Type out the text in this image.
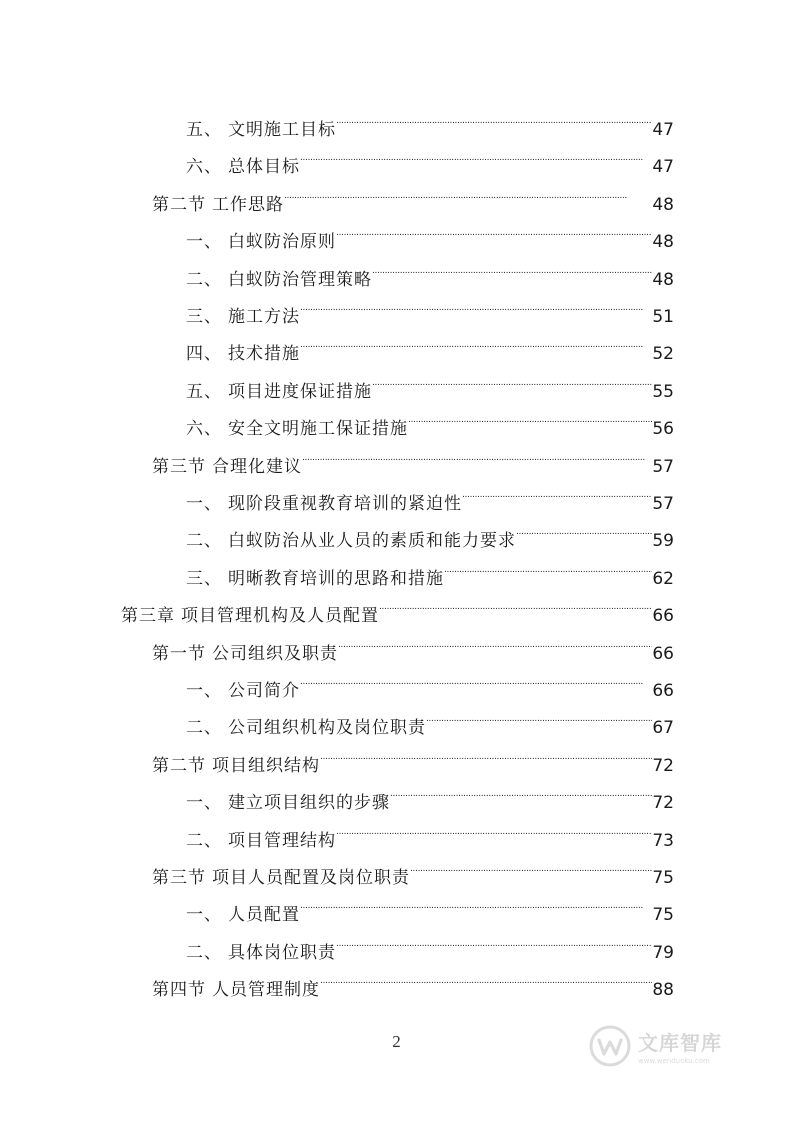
五、 文明施工目标 . . .	47
六、 总体目标 . . .	47
第二节 工作思路 . . .	48
一、 白蚁防治原则 . . .	48
二、 白蚁防治管理策略 . . .	48
三、 施工方法 . . .	51
四、 技术措施 . . .	52
五、 项目进度保证措施 . . .	55
六、 安全文明施工保证措施 . . .	56
第三节 合理化建议 . . .	57
一、 现阶段重视教育培训的紧迫性 . . .	57
二、 白蚁防治从业人员的素质和能力要求 . . .	59
三、 明晰教育培训的思路和措施 . . .	62
第三章 项目管理机构及人员配置 . . .	66
第一节 公司组织及职责 . . .	66
一、 公司简介 . . .	66
二、 公司组织机构及岗位职责 . . .	67
第二节 项目组织结构 . . .	72
一、 建立项目组织的步骤 . . .	72
二、 项目管理结构 . . .	73
第三节 项目人员配置及岗位职责 . . .	75
一、 人员配置 . . .	75
二、 具体岗位职责 . . .	79
第四节 人员管理制度 . . .	88
2	文库智库
www.wenduoku.com
